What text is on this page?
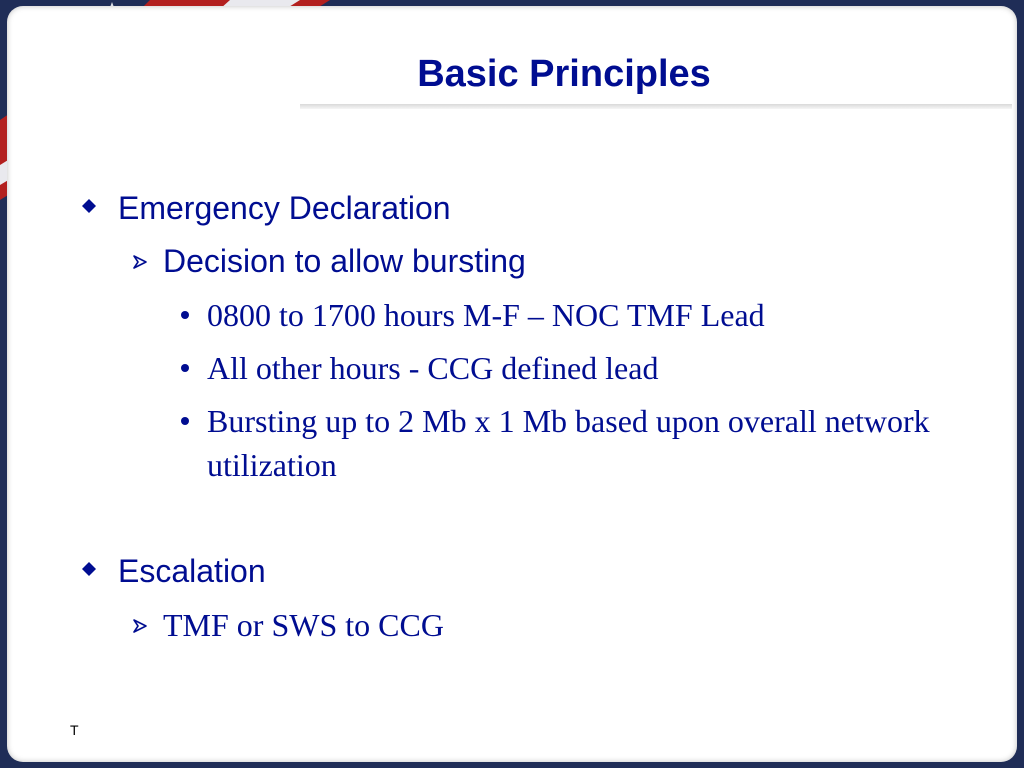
Basic Principles
Emergency Declaration
Decision to allow bursting
0800 to 1700 hours M-F – NOC TMF Lead
All other hours - CCG defined lead
Bursting up to 2 Mb x 1 Mb based upon overall network utilization
Escalation
TMF or SWS to CCG
T
